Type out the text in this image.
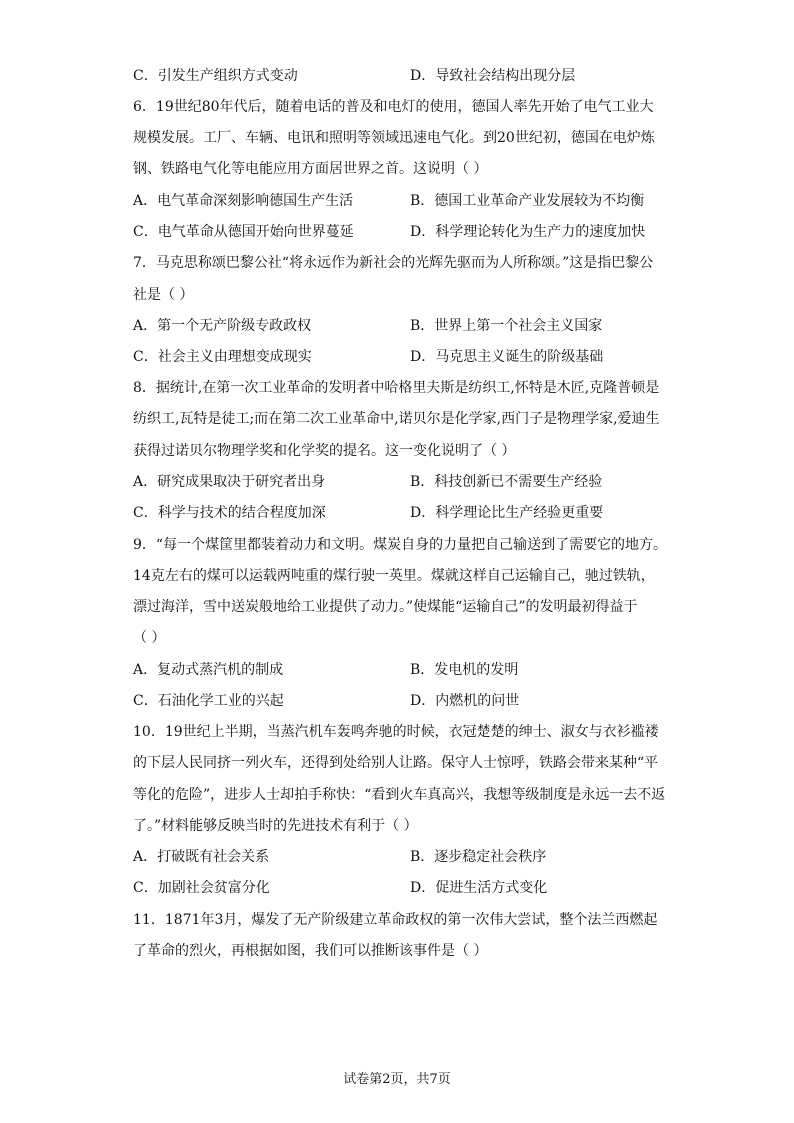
C．引发生产组织方式变动	D．导致社会结构出现分层
6．19世纪80年代后，随着电话的普及和电灯的使用，德国人率先开始了电气工业大
规模发展。工厂、车辆、电讯和照明等领域迅速电气化。到20世纪初，德国在电炉炼
钢、铁路电气化等电能应用方面居世界之首。这说明（ ）
A．电气革命深刻影响德国生产生活	B．德国工业革命产业发展较为不均衡
C．电气革命从德国开始向世界蔓延	D．科学理论转化为生产力的速度加快
7．马克思称颂巴黎公社“将永远作为新社会的光辉先驱而为人所称颂。”这是指巴黎公
社是（ ）
A．第一个无产阶级专政政权	B．世界上第一个社会主义国家
C．社会主义由理想变成现实	D．马克思主义诞生的阶级基础
8．据统计,在第一次工业革命的发明者中哈格里夫斯是纺织工,怀特是木匠,克隆普顿是
纺织工,瓦特是徒工;而在第二次工业革命中,诺贝尔是化学家,西门子是物理学家,爱迪生
获得过诺贝尔物理学奖和化学奖的提名。这一变化说明了（ ）
A．研究成果取决于研究者出身	B．科技创新已不需要生产经验
C．科学与技术的结合程度加深	D．科学理论比生产经验更重要
9．“每一个煤筐里都装着动力和文明。煤炭自身的力量把自己输送到了需要它的地方。
14克左右的煤可以运载两吨重的煤行驶一英里。煤就这样自己运输自己，驰过铁轨，
漂过海洋，雪中送炭般地给工业提供了动力。”使煤能“运输自己”的发明最初得益于
（ ）
A．复动式蒸汽机的制成	B．发电机的发明
C．石油化学工业的兴起	D．内燃机的问世
10．19世纪上半期，当蒸汽机车轰鸣奔驰的时候，衣冠楚楚的绅士、淑女与衣衫褴褛
的下层人民同挤一列火车，还得到处给别人让路。保守人士惊呼，铁路会带来某种“平
等化的危险”，进步人士却拍手称快：“看到火车真高兴，我想等级制度是永远一去不返
了。”材料能够反映当时的先进技术有利于（ ）
A．打破既有社会关系	B．逐步稳定社会秩序
C．加剧社会贫富分化	D．促进生活方式变化
11．1871年3月，爆发了无产阶级建立革命政权的第一次伟大尝试，整个法兰西燃起
了革命的烈火，再根据如图，我们可以推断该事件是（ ）
试卷第2页，共7页
